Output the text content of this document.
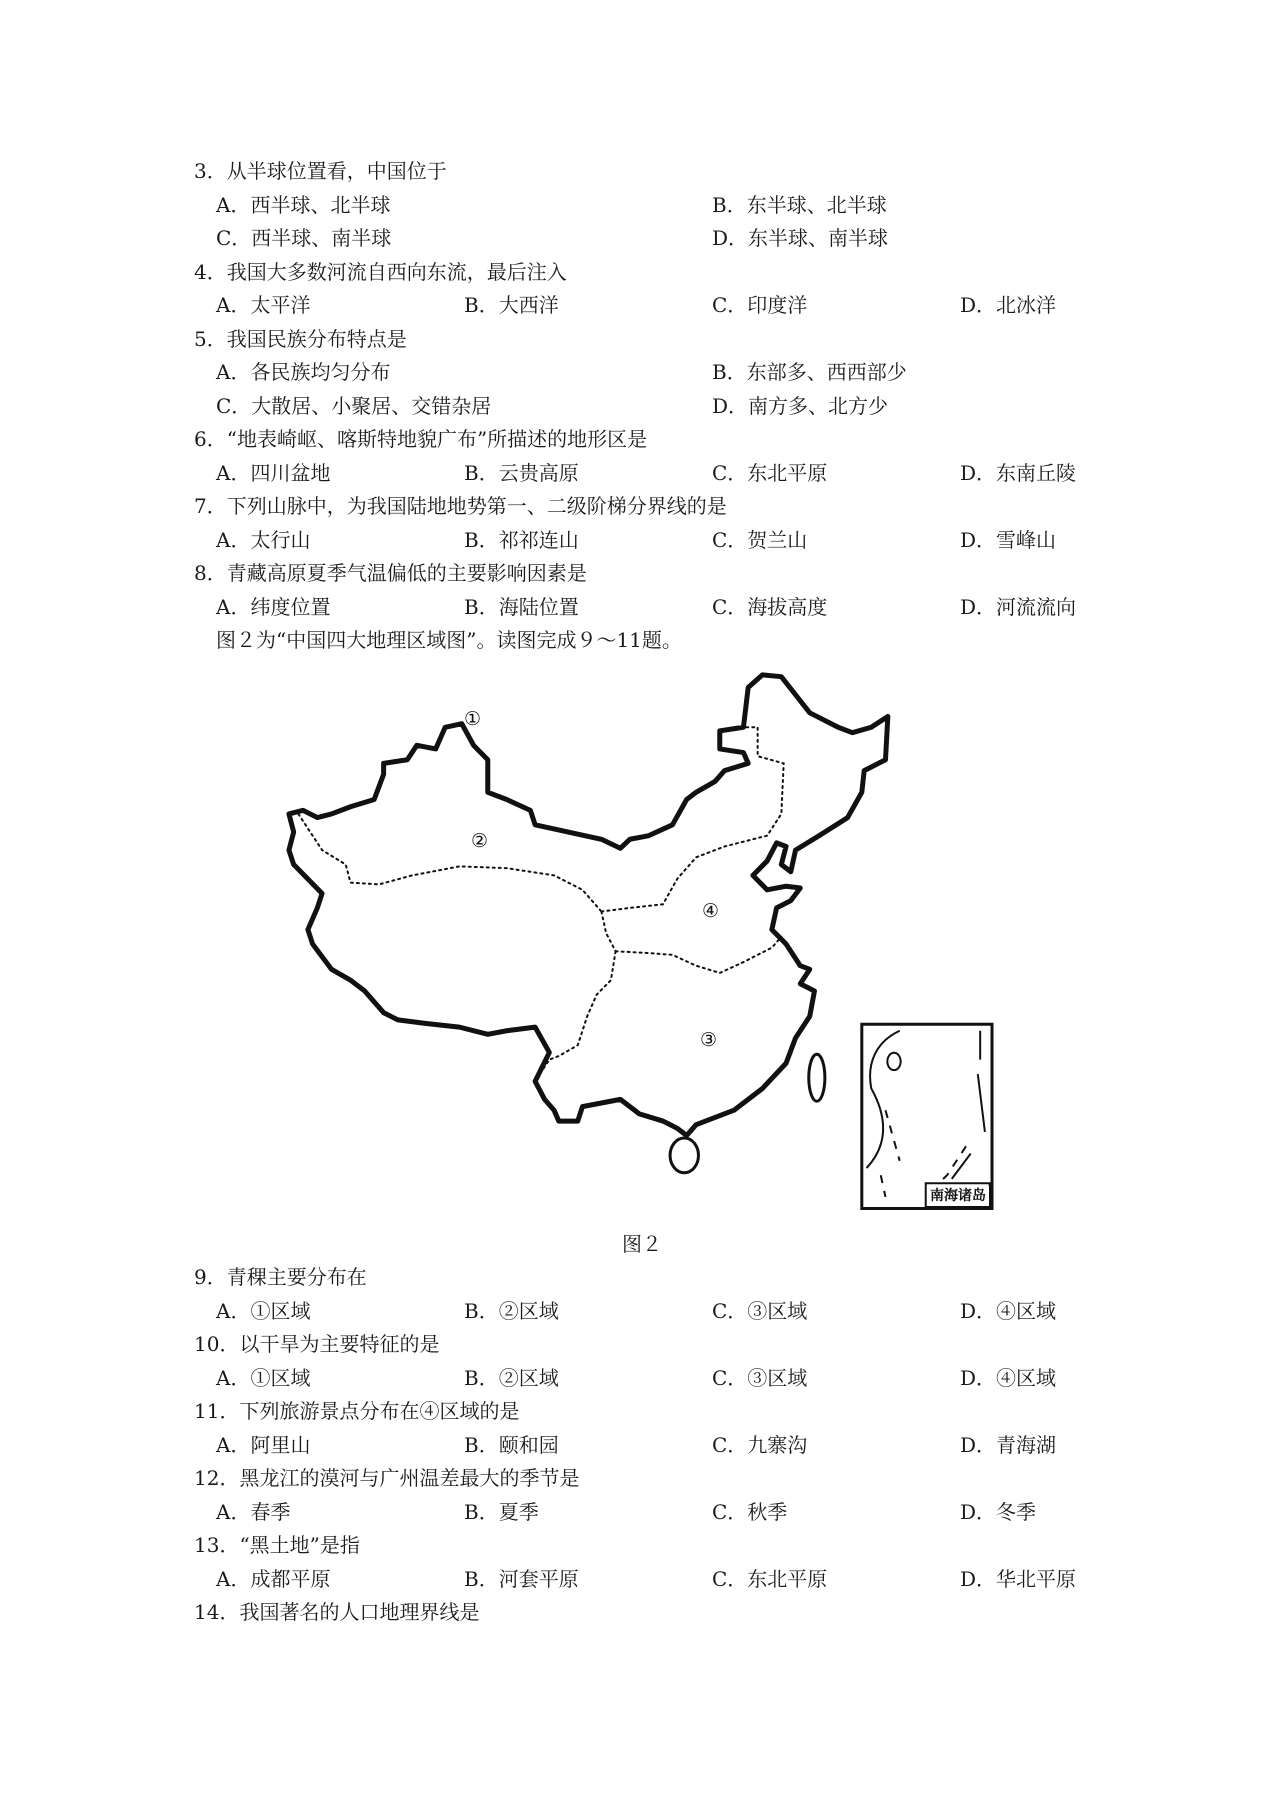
3．从半球位置看，中国位于
A．西半球、北半球	B．东半球、北半球
C．西半球、南半球	D．东半球、南半球
4．我国大多数河流自西向东流，最后注入
A．太平洋	B．大西洋	C．印度洋	D．北冰洋
5．我国民族分布特点是
A．各民族均匀分布	B．东部多、西西部少
C．大散居、小聚居、交错杂居	D．南方多、北方少
6．“地表崎岖、喀斯特地貌广布”所描述的地形区是
A．四川盆地	B．云贵高原	C．东北平原	D．东南丘陵
7．下列山脉中，为我国陆地地势第一、二级阶梯分界线的是
A．太行山	B．祁祁连山	C．贺兰山	D．雪峰山
8．青藏高原夏季气温偏低的主要影响因素是
A．纬度位置	B．海陆位置	C．海拔高度	D．河流流向
9．青稞主要分布在
A．①区域	B．②区域	C．③区域	D．④区域
10．以干旱为主要特征的是
A．①区域	B．②区域	C．③区域	D．④区域
11．下列旅游景点分布在④区域的是
A．阿里山	B．颐和园	C．九寨沟	D．青海湖
12．黑龙江的漠河与广州温差最大的季节是
A．春季	B．夏季	C．秋季	D．冬季
13．“黑土地”是指
A．成都平原	B．河套平原	C．东北平原	D．华北平原
14．我国著名的人口地理界线是
图２为“中国四大地理区域图”。读图完成９～11题。
①
②
③
④
南海诸岛
图２
